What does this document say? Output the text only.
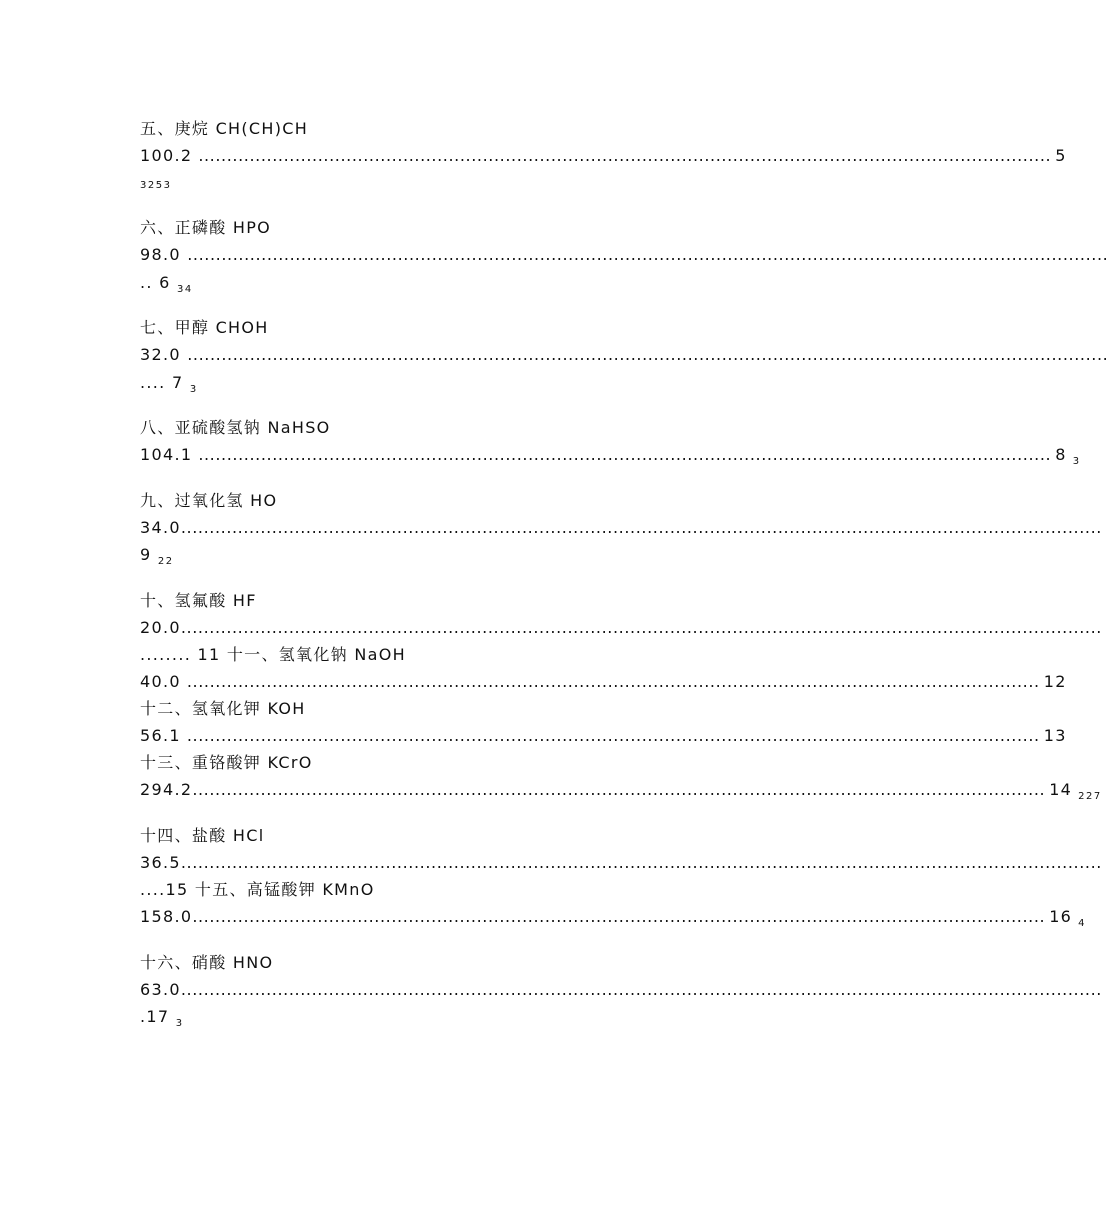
五、庚烷 CH(CH)CH
100.2 ...................................................................................................................................................... 5
3253
六、正磷酸 HPO
98.0 ..................................................................................................................................................................
.. 6 $_{34}$
七、甲醇 CHOH
32.0 ..................................................................................................................................................................
.... 7 $_3$
八、亚硫酸氢钠 NaHSO
104.1 ...................................................................................................................................................... 8 3
九、过氧化氢 HO
34.0..................................................................................................................................................................
9 $_{22}$
十、氢氟酸 HF
20.0..................................................................................................................................................................
........ 11 十一、氢氧化钠 NaOH
40.0 ...................................................................................................................................................... 12
十二、氢氧化钾 KOH
56.1 ...................................................................................................................................................... 13
十三、重铬酸钾 KCrO
294.2 ...................................................................................................................................................... 14 227
十四、盐酸 HCl
36.5..................................................................................................................................................................
....15 十五、高锰酸钾 KMnO
158.0 ...................................................................................................................................................... 16 4
十六、硝酸 HNO
63.0..................................................................................................................................................................
.17 $_3$
